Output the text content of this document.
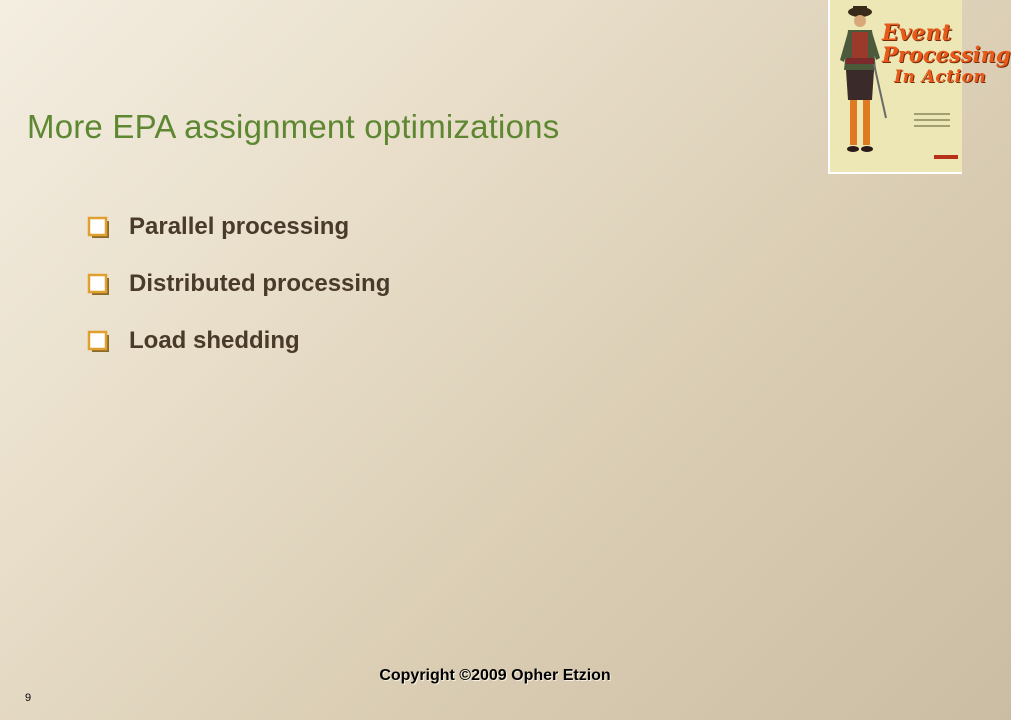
More EPA assignment optimizations
Parallel processing
Distributed processing
Load shedding
Event
Processing
In Action
Copyright ©2009 Opher Etzion
9
